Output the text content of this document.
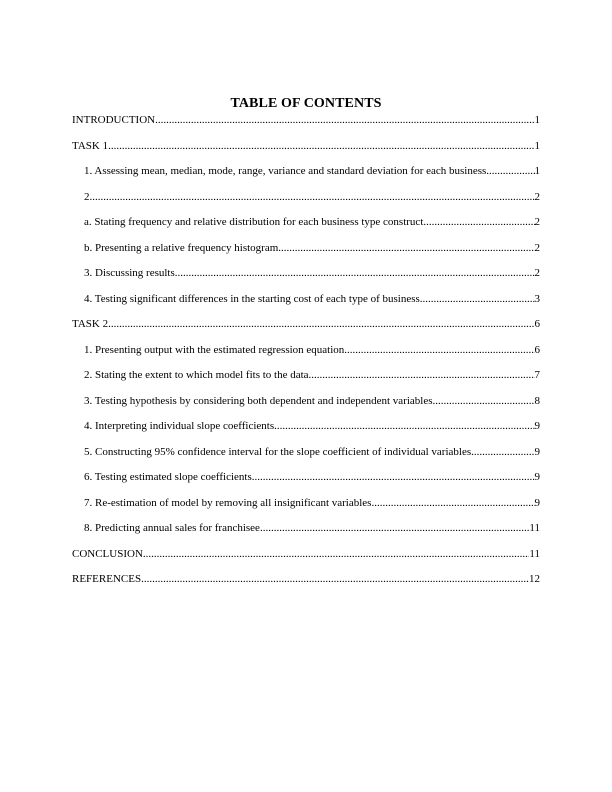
TABLE OF CONTENTS
INTRODUCTION .....	1
TASK 1 .....	1
1. Assessing mean, median, mode, range, variance and standard deviation for each business .....	1
2 .....	2
a. Stating frequency and relative distribution for each business type construct .....	2
b. Presenting a relative frequency histogram .....	2
3. Discussing results .....	2
4. Testing significant differences in the starting cost of each type of business .....	3
TASK 2 .....	6
1. Presenting output with the estimated regression equation .....	6
2. Stating the extent to which model fits to the data .....	7
3. Testing hypothesis by considering both dependent and independent variables .....	8
4. Interpreting individual slope coefficients .....	9
5. Constructing 95% confidence interval for the slope coefficient of individual variables .....	9
6. Testing estimated slope coefficients .....	9
7. Re-estimation of model by removing all insignificant variables .....	9
8. Predicting annual sales for franchisee .....	11
CONCLUSION .....	11
REFERENCES .....	12
